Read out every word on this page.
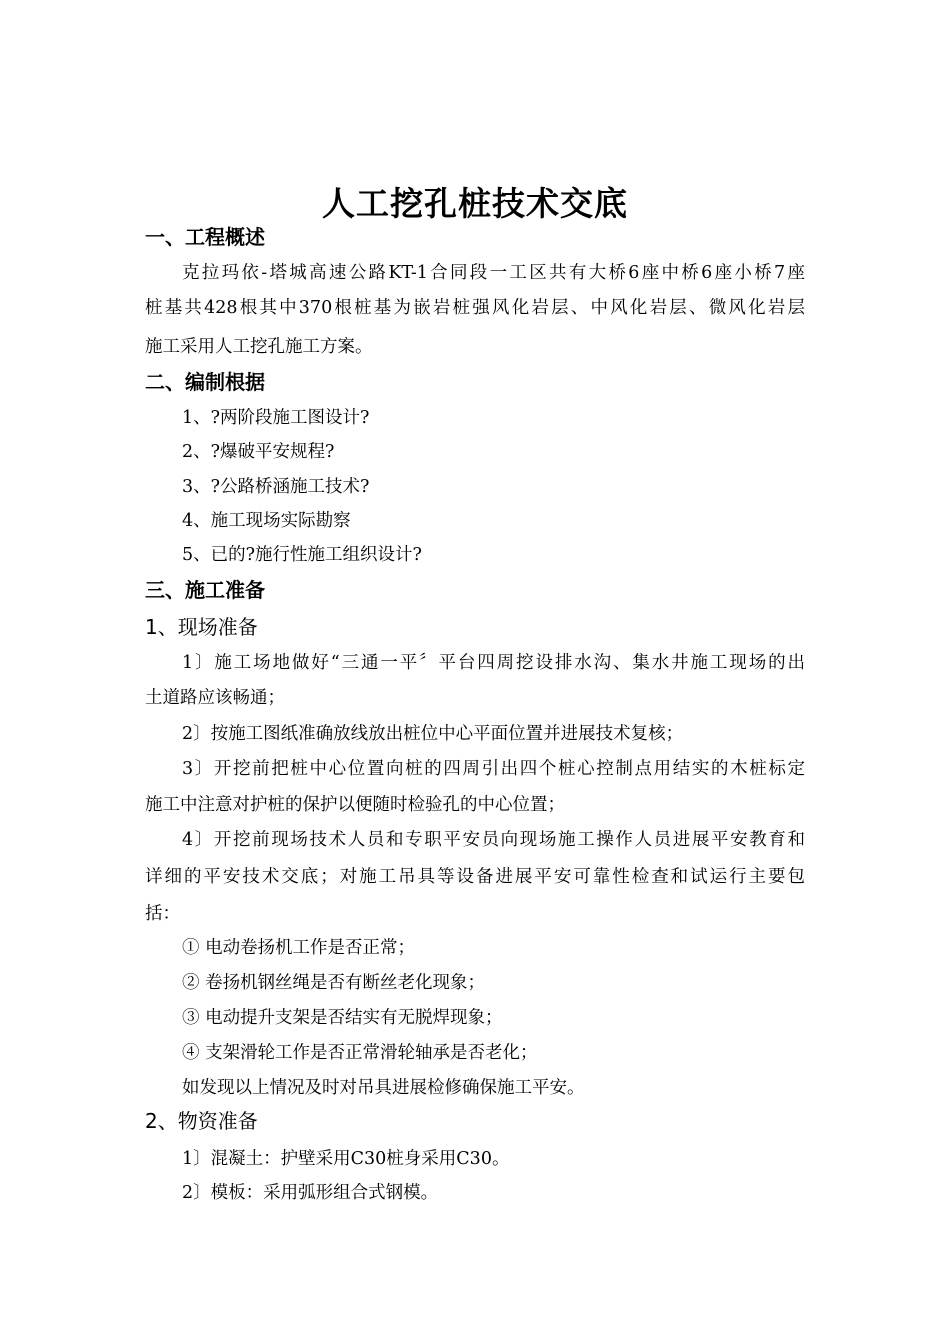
人工挖孔桩技术交底
一、工程概述
克拉玛依-塔城高速公路KT-1合同段一工区共有大桥6座中桥6座小桥7座
桩基共428根其中370根桩基为嵌岩桩强风化岩层、中风化岩层、微风化岩层
施工采用人工挖孔施工方案。
二、编制根据
1、?两阶段施工图设计?
2、?爆破平安规程?
3、?公路桥涵施工技术?
4、施工现场实际勘察
5、已的?施行性施工组织设计?
三、施工准备
1、现场准备
1〕施工场地做好“三通一平〞平台四周挖设排水沟、集水井施工现场的出
土道路应该畅通；
2〕按施工图纸准确放线放出桩位中心平面位置并进展技术复核；
3〕开挖前把桩中心位置向桩的四周引出四个桩心控制点用结实的木桩标定
施工中注意对护桩的保护以便随时检验孔的中心位置；
4〕开挖前现场技术人员和专职平安员向现场施工操作人员进展平安教育和
详细的平安技术交底；对施工吊具等设备进展平安可靠性检查和试运行主要包
括：
① 电动卷扬机工作是否正常；
② 卷扬机钢丝绳是否有断丝老化现象；
③ 电动提升支架是否结实有无脱焊现象；
④ 支架滑轮工作是否正常滑轮轴承是否老化；
如发现以上情况及时对吊具进展检修确保施工平安。
2、物资准备
1〕混凝土：护壁采用C30桩身采用C30。
2〕模板：采用弧形组合式钢模。
